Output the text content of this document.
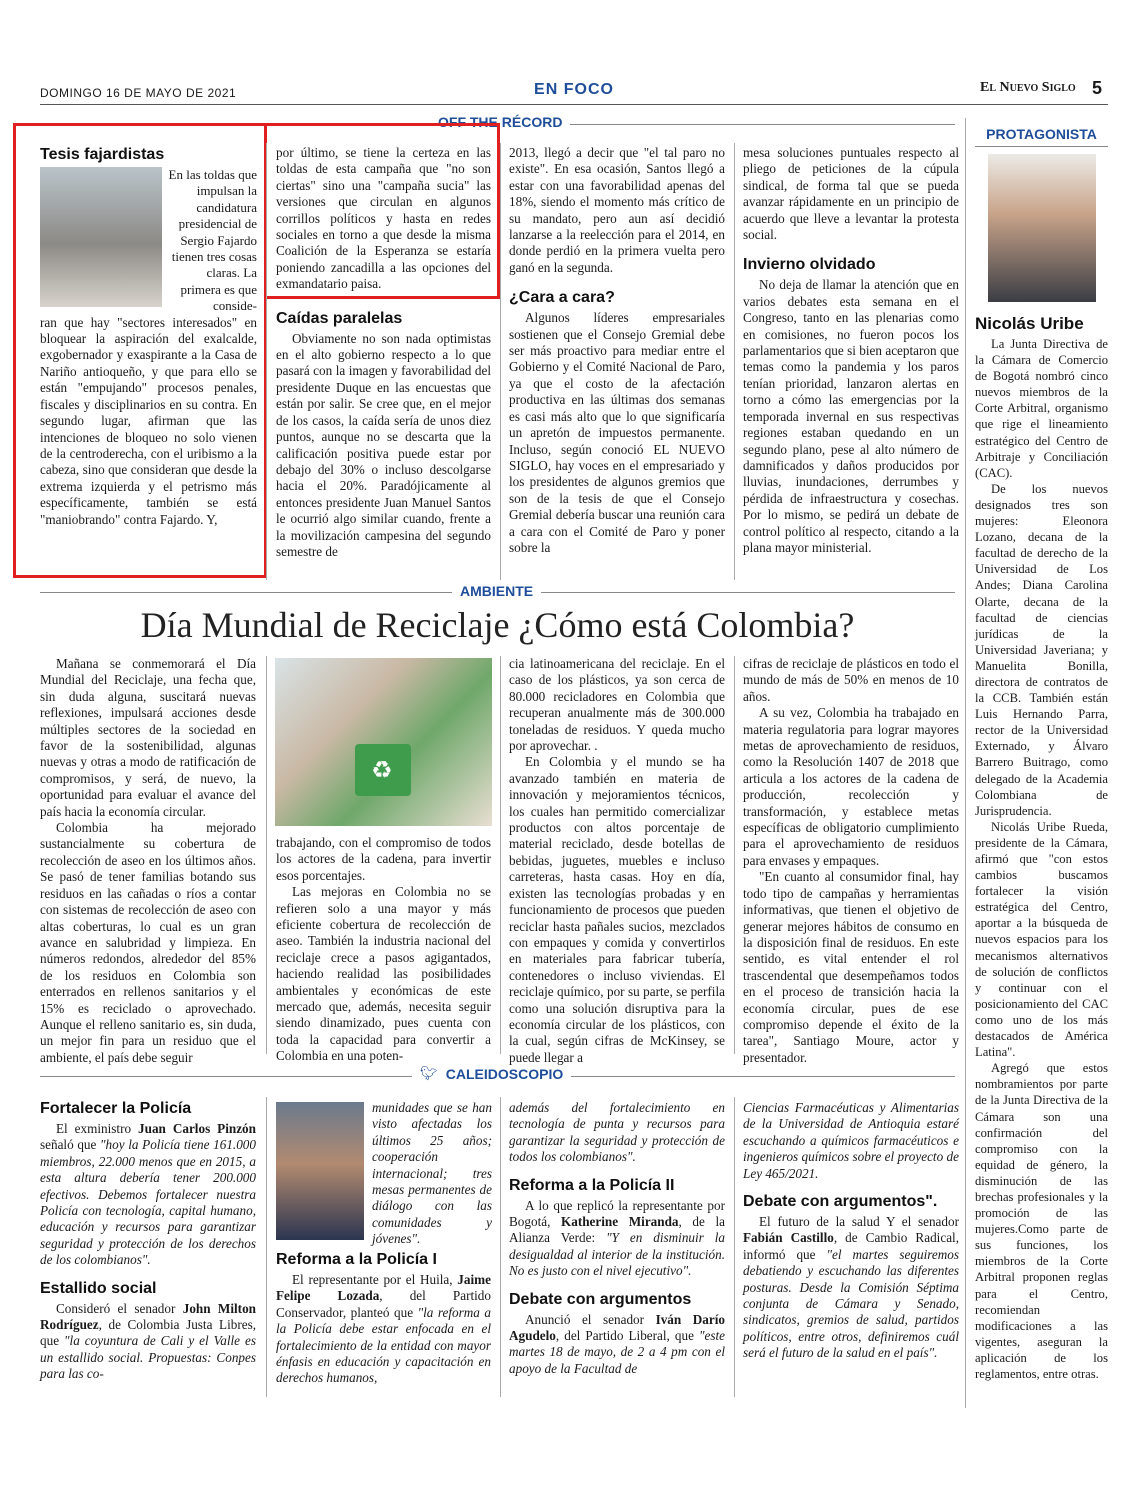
DOMINGO 16 DE MAYO DE 2021	EN FOCO	El Nuevo Siglo 5
OFF THE RÉCORD
Tesis fajardistas

En las toldas que impulsan la candidatura presidencial de Sergio Fajardo tienen tres cosas claras. La primera es que conside-

ran que hay "sectores interesados" en bloquear la aspiración del exalcalde, exgobernador y exaspirante a la Casa de Nariño antioqueño, y que para ello se están "empujando" procesos penales, fiscales y disciplinarios en su contra. En segundo lugar, afirman que las intenciones de bloqueo no solo vienen de la centroderecha, con el uribismo a la cabeza, sino que consideran que desde la extrema izquierda y el petrismo más específicamente, también se está "maniobrando" contra Fajardo. Y,

por último, se tiene la certeza en las toldas de esta campaña que "no son ciertas" sino una "campaña sucia" las versiones que circulan en algunos corrillos políticos y hasta en redes sociales en torno a que desde la misma Coalición de la Esperanza se estaría poniendo zancadilla a las opciones del exmandatario paisa.

Caídas paralelas

Obviamente no son nada optimistas en el alto gobierno respecto a lo que pasará con la imagen y favorabilidad del presidente Duque en las encuestas que están por salir. Se cree que, en el mejor de los casos, la caída sería de unos diez puntos, aunque no se descarta que la calificación positiva puede estar por debajo del 30% o incluso descolgarse hacia el 20%. Paradójicamente al entonces presidente Juan Manuel Santos le ocurrió algo similar cuando, frente a la movilización campesina del segundo semestre de

2013, llegó a decir que "el tal paro no existe". En esa ocasión, Santos llegó a estar con una favorabilidad apenas del 18%, siendo el momento más crítico de su mandato, pero aun así decidió lanzarse a la reelección para el 2014, en donde perdió en la primera vuelta pero ganó en la segunda.

¿Cara a cara?

Algunos líderes empresariales sostienen que el Consejo Gremial debe ser más proactivo para mediar entre el Gobierno y el Comité Nacional de Paro, ya que el costo de la afectación productiva en las últimas dos semanas es casi más alto que lo que significaría un apretón de impuestos permanente. Incluso, según conoció EL NUEVO SIGLO, hay voces en el empresariado y los presidentes de algunos gremios que son de la tesis de que el Consejo Gremial debería buscar una reunión cara a cara con el Comité de Paro y poner sobre la

mesa soluciones puntuales respecto al pliego de peticiones de la cúpula sindical, de forma tal que se pueda avanzar rápidamente en un principio de acuerdo que lleve a levantar la protesta social.

Invierno olvidado

No deja de llamar la atención que en varios debates esta semana en el Congreso, tanto en las plenarias como en comisiones, no fueron pocos los parlamentarios que si bien aceptaron que temas como la pandemia y los paros tenían prioridad, lanzaron alertas en torno a cómo las emergencias por la temporada invernal en sus respectivas regiones estaban quedando en un segundo plano, pese al alto número de damnificados y daños producidos por lluvias, inundaciones, derrumbes y pérdida de infraestructura y cosechas. Por lo mismo, se pedirá un debate de control político al respecto, citando a la plana mayor ministerial.

AMBIENTE
Día Mundial de Reciclaje ¿Cómo está Colombia?

Mañana se conmemorará el Día Mundial del Reciclaje, una fecha que, sin duda alguna, suscitará nuevas reflexiones, impulsará acciones desde múltiples sectores de la sociedad en favor de la sostenibilidad, algunas nuevas y otras a modo de ratificación de compromisos, y será, de nuevo, la oportunidad para evaluar el avance del país hacia la economía circular.

Colombia ha mejorado sustancialmente su cobertura de recolección de aseo en los últimos años. Se pasó de tener familias botando sus residuos en las cañadas o ríos a contar con sistemas de recolección de aseo con altas coberturas, lo cual es un gran avance en salubridad y limpieza. En números redondos, alrededor del 85% de los residuos en Colombia son enterrados en rellenos sanitarios y el 15% es reciclado o aprovechado. Aunque el relleno sanitario es, sin duda, un mejor fin para un residuo que el ambiente, el país debe seguir

♻

trabajando, con el compromiso de todos los actores de la cadena, para invertir esos porcentajes.

Las mejoras en Colombia no se refieren solo a una mayor y más eficiente cobertura de recolección de aseo. También la industria nacional del reciclaje crece a pasos agigantados, haciendo realidad las posibilidades ambientales y económicas de este mercado que, además, necesita seguir siendo dinamizado, pues cuenta con toda la capacidad para convertir a Colombia en una poten-

cia latinoamericana del reciclaje. En el caso de los plásticos, ya son cerca de 80.000 recicladores en Colombia que recuperan anualmente más de 300.000 toneladas de residuos. Y queda mucho por aprovechar. .

En Colombia y el mundo se ha avanzado también en materia de innovación y mejoramientos técnicos, los cuales han permitido comercializar productos con altos porcentaje de material reciclado, desde botellas de bebidas, juguetes, muebles e incluso carreteras, hasta casas. Hoy en día, existen las tecnologías probadas y en funcionamiento de procesos que pueden reciclar hasta pañales sucios, mezclados con empaques y comida y convertirlos en materiales para fabricar tubería, contenedores o incluso viviendas. El reciclaje químico, por su parte, se perfila como una solución disruptiva para la economía circular de los plásticos, con la cual, según cifras de McKinsey, se puede llegar a

cifras de reciclaje de plásticos en todo el mundo de más de 50% en menos de 10 años.

A su vez, Colombia ha trabajado en materia regulatoria para lograr mayores metas de aprovechamiento de residuos, como la Resolución 1407 de 2018 que articula a los actores de la cadena de producción, recolección y transformación, y establece metas específicas de obligatorio cumplimiento para el aprovechamiento de residuos para envases y empaques.

"En cuanto al consumidor final, hay todo tipo de campañas y herramientas informativas, que tienen el objetivo de generar mejores hábitos de consumo en la disposición final de residuos. En este sentido, es vital entender el rol trascendental que desempeñamos todos en el proceso de transición hacia la economía circular, pues de ese compromiso depende el éxito de la tarea", Santiago Moure, actor y presentador.

🐦︎ CALEIDOSCOPIO
Fortalecer la Policía

El exministro Juan Carlos Pinzón señaló que "hoy la Policía tiene 161.000 miembros, 22.000 menos que en 2015, a esta altura debería tener 200.000 efectivos. Debemos fortalecer nuestra Policía con tecnología, capital humano, educación y recursos para garantizar seguridad y protección de los derechos de los colombianos".

Estallido social

Consideró el senador John Milton Rodríguez, de Colombia Justa Libres, que "la coyuntura de Cali y el Valle es un estallido social. Propuestas: Conpes para las co-

munidades que se han visto afectadas los últimos 25 años; cooperación internacional; tres mesas permanentes de diálogo con las comunidades y jóvenes".

Reforma a la Policía I

El representante por el Huila, Jaime Felipe Lozada, del Partido Conservador, planteó que "la reforma a la Policía debe estar enfocada en el fortalecimiento de la entidad con mayor énfasis en educación y capacitación en derechos humanos,

además del fortalecimiento en tecnología de punta y recursos para garantizar la seguridad y protección de todos los colombianos".

Reforma a la Policía II

A lo que replicó la representante por Bogotá, Katherine Miranda, de la Alianza Verde: "Y en disminuir la desigualdad al interior de la institución. No es justo con el nivel ejecutivo".

Debate con argumentos

Anunció el senador Iván Darío Agudelo, del Partido Liberal, que "este martes 18 de mayo, de 2 a 4 pm con el apoyo de la Facultad de

Ciencias Farmacéuticas y Alimentarias de la Universidad de Antioquia estaré escuchando a químicos farmacéuticos e ingenieros químicos sobre el proyecto de Ley 465/2021.

Debate con argumentos".

El futuro de la salud Y el senador Fabián Castillo, de Cambio Radical, informó que "el martes seguiremos debatiendo y escuchando las diferentes posturas. Desde la Comisión Séptima conjunta de Cámara y Senado, sindicatos, gremios de salud, partidos políticos, entre otros, definiremos cuál será el futuro de la salud en el país".

PROTAGONISTA
Nicolás Uribe

La Junta Directiva de la Cámara de Comercio de Bogotá nombró cinco nuevos miembros de la Corte Arbitral, organismo que rige el lineamiento estratégico del Centro de Arbitraje y Conciliación (CAC).

De los nuevos designados tres son mujeres: Eleonora Lozano, decana de la facultad de derecho de la Universidad de Los Andes; Diana Carolina Olarte, decana de la facultad de ciencias jurídicas de la Universidad Javeriana; y Manuelita Bonilla, directora de contratos de la CCB. También están Luis Hernando Parra, rector de la Universidad Externado, y Álvaro Barrero Buitrago, como delegado de la Academia Colombiana de Jurisprudencia.

Nicolás Uribe Rueda, presidente de la Cámara, afirmó que "con estos cambios buscamos fortalecer la visión estratégica del Centro, aportar a la búsqueda de nuevos espacios para los mecanismos alternativos de solución de conflictos y continuar con el posicionamiento del CAC como uno de los más destacados de América Latina".

Agregó que estos nombramientos por parte de la Junta Directiva de la Cámara son una confirmación del compromiso con la equidad de género, la disminución de las brechas profesionales y la promoción de las mujeres.Como parte de sus funciones, los miembros de la Corte Arbitral proponen reglas para el Centro, recomiendan modificaciones a las vigentes, aseguran la aplicación de los reglamentos, entre otras.
